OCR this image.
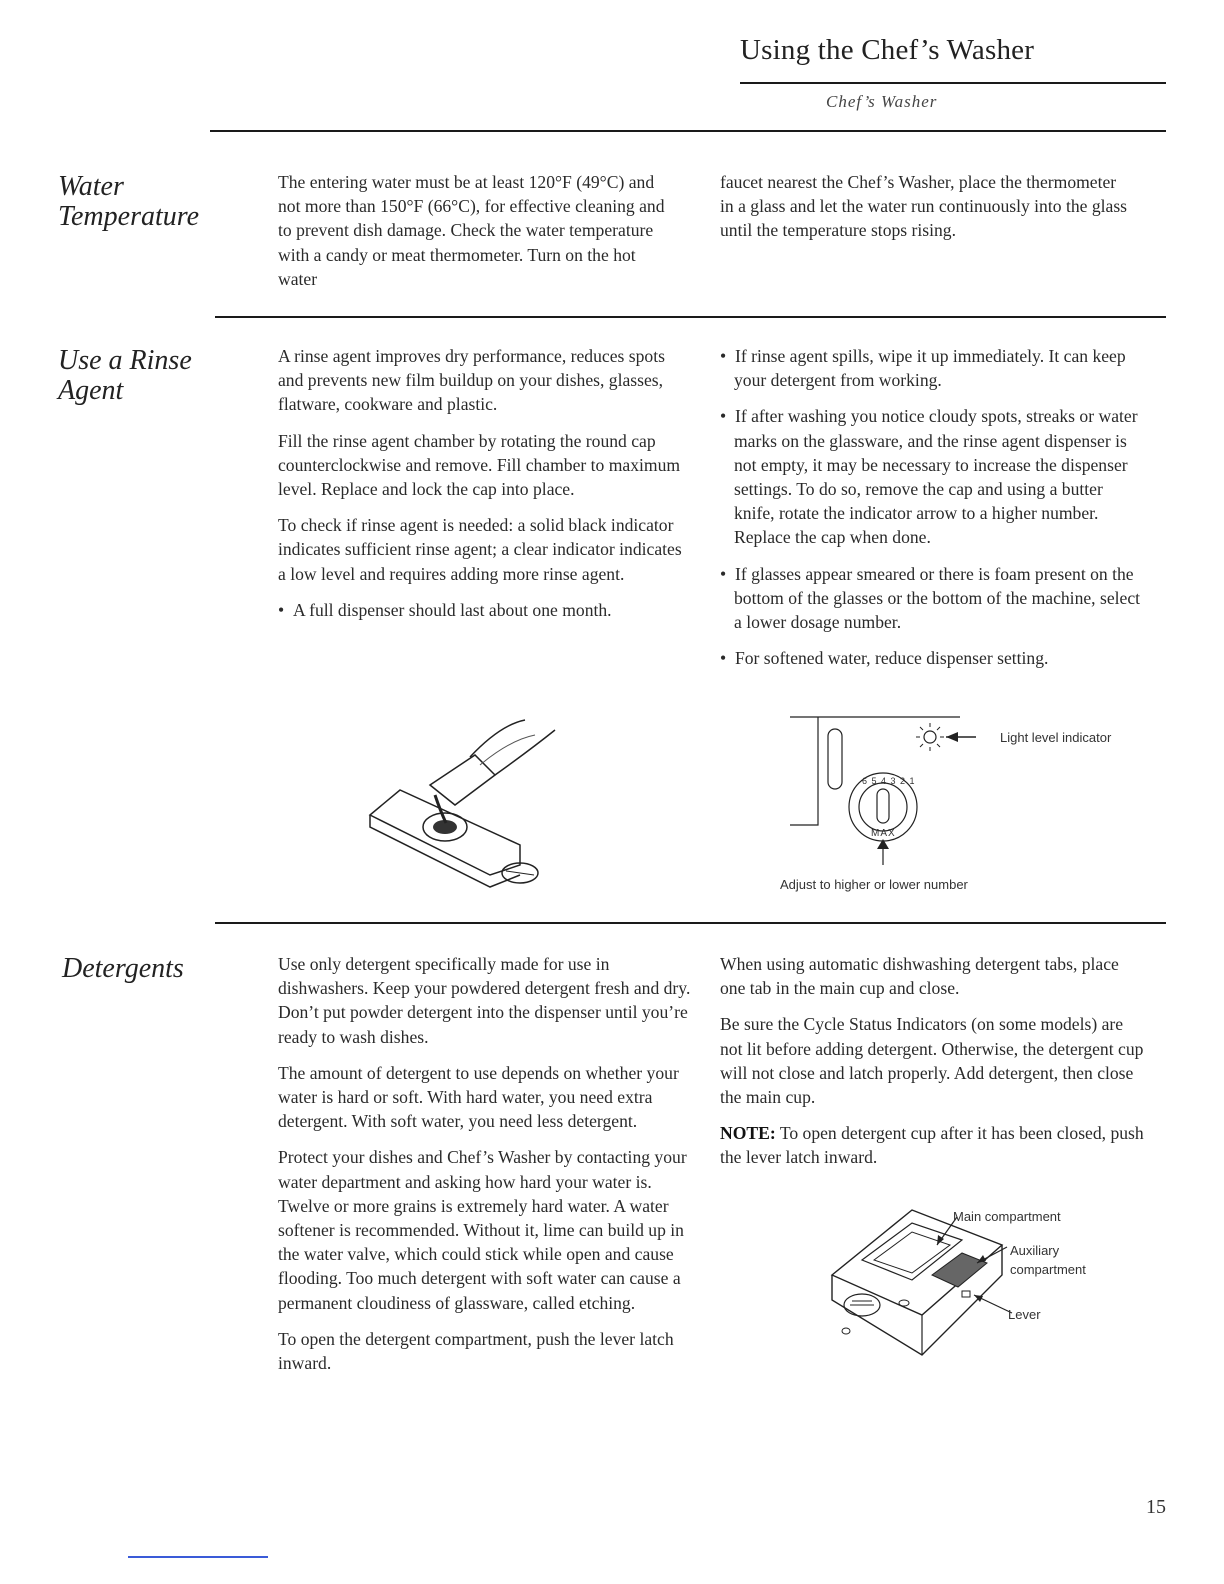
Using the Chef’s Washer
Chef’s Washer
Water
Temperature

The entering water must be at least 120°F (49°C) and not more than 150°F (66°C), for effective cleaning and to prevent dish damage. Check the water temperature with a candy or meat thermometer. Turn on the hot water

faucet nearest the Chef’s Washer, place the thermometer in a glass and let the water run continuously into the glass until the temperature stops rising.

Use a Rinse
Agent

A rinse agent improves dry performance, reduces spots and prevents new film buildup on your dishes, glasses, flatware, cookware and plastic.

Fill the rinse agent chamber by rotating the round cap counterclockwise and remove. Fill chamber to maximum level. Replace and lock the cap into place.

To check if rinse agent is needed: a solid black indicator indicates sufficient rinse agent; a clear indicator indicates a low level and requires adding more rinse agent.

•  A full dispenser should last about one month.

•  If rinse agent spills, wipe it up immediately. It can keep your detergent from working.

•  If after washing you notice cloudy spots, streaks or water marks on the glassware, and the rinse agent dispenser is not empty, it may be necessary to increase the dispenser settings. To do so, remove the cap and using a butter knife, rotate the indicator arrow to a higher number. Replace the cap when done.

•  If glasses appear smeared or there is foam present on the bottom of the glasses or the bottom of the machine, select a lower dosage number.

•  For softened water, reduce dispenser setting.

6 5 4 3 2 1
MAX
Light level indicator
Adjust to higher or lower number
Detergents	Use only detergent specifically made for use in dishwashers. Keep your powdered detergent fresh and dry. Don’t put powder detergent into the dispenser until you’re ready to wash dishes.

The amount of detergent to use depends on whether your water is hard or soft. With hard water, you need extra detergent. With soft water, you need less detergent.

Protect your dishes and Chef’s Washer by contacting your water department and asking how hard your water is. Twelve or more grains is extremely hard water. A water softener is recommended. Without it, lime can build up in the water valve, which could stick while open and cause flooding. Too much detergent with soft water can cause a permanent cloudiness of glassware, called etching.

To open the detergent compartment, push the lever latch inward.

When using automatic dishwashing detergent tabs, place one tab in the main cup and close.

Be sure the Cycle Status Indicators (on some models) are not lit before adding detergent. Otherwise, the detergent cup will not close and latch properly. Add detergent, then close the main cup.

NOTE: To open detergent cup after it has been closed, push the lever latch inward.

Main compartment
Auxiliary
compartment
Lever
15
